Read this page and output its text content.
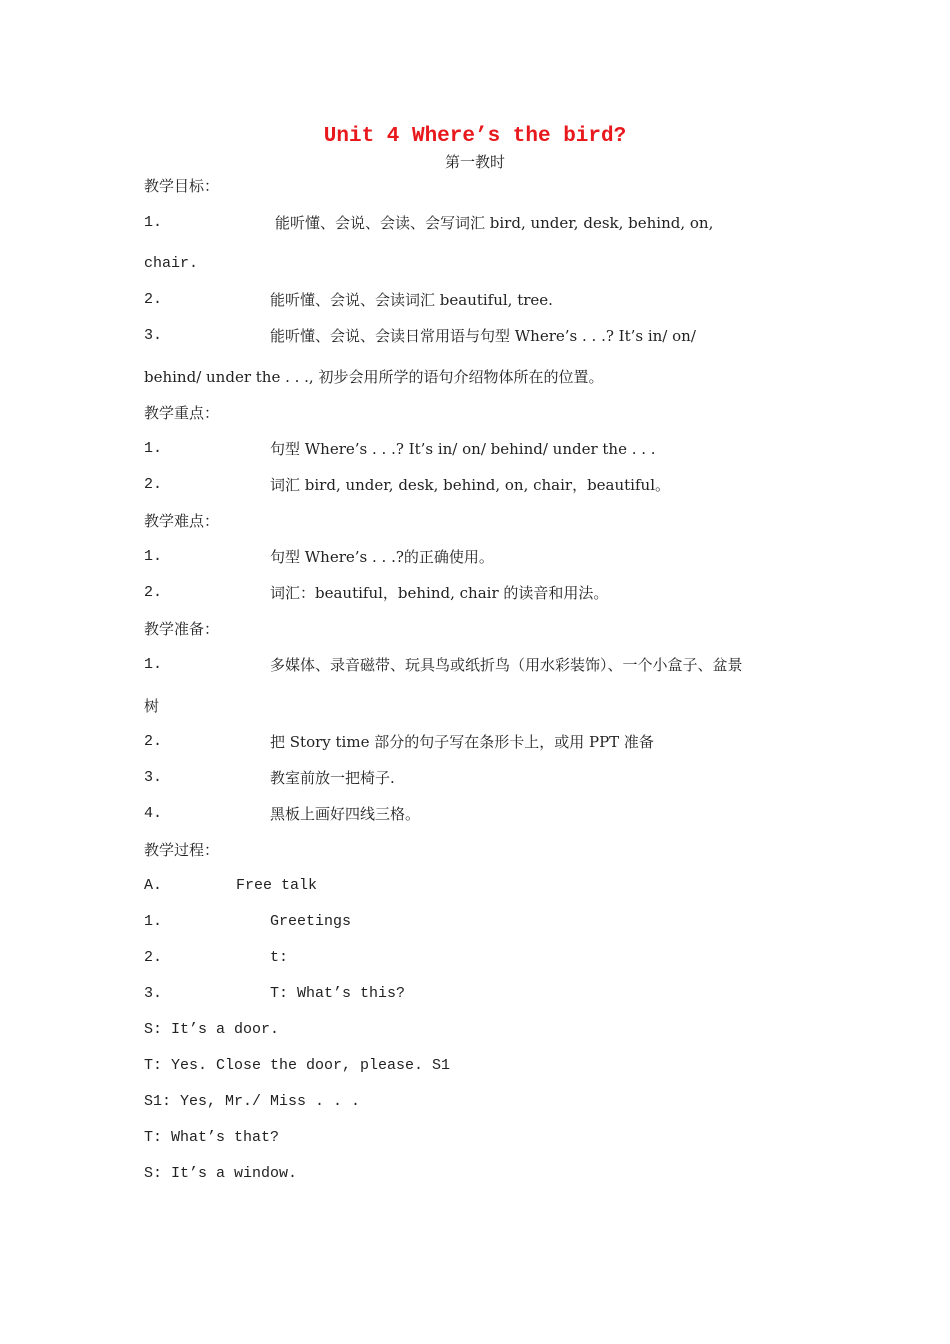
Unit 4 Where’s the bird?
第一教时
教学目标：
1.	能听懂、会说、会读、会写词汇 bird, under, desk, behind, on,
chair.
2.	能听懂、会说、会读词汇 beautiful, tree.
3.	能听懂、会说、会读日常用语与句型 Where’s . . .? It’s in/ on/
behind/ under the . . ., 初步会用所学的语句介绍物体所在的位置。
教学重点：
1.	句型 Where’s . . .? It’s in/ on/ behind/ under the . . .
2.	词汇 bird, under, desk, behind, on, chair，beautiful。
教学难点：
1.	句型 Where’s . . .?的正确使用。
2.	词汇：beautiful，behind, chair 的读音和用法。
教学准备：
1.	多媒体、录音磁带、玩具鸟或纸折鸟（用水彩装饰）、一个小盒子、盆景
树
2.	把 Story time 部分的句子写在条形卡上，或用 PPT 准备
3.	教室前放一把椅子.
4.	黑板上画好四线三格。
教学过程：
A.	Free talk
1.	Greetings
2.	t:
3.	T: What’s this?
S: It’s a door.
T: Yes. Close the door, please. S1
S1: Yes, Mr./ Miss . . .
T: What’s that?
S: It’s a window.
